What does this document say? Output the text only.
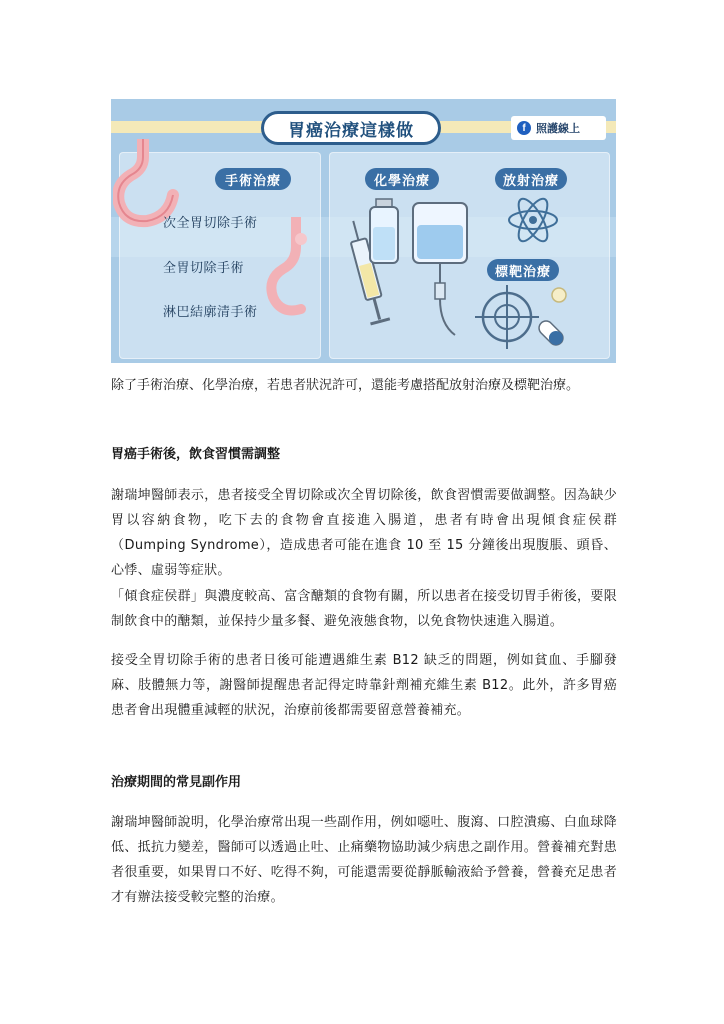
胃癌治療這樣做	f 照護線上
手術治療
次全胃切除手術
全胃切除手術
淋巴結廓清手術
化學治療	放射治療
標靶治療
除了手術治療、化學治療，若患者狀況許可，還能考慮搭配放射治療及標靶治療。
胃癌手術後，飲食習慣需調整
謝瑞坤醫師表示，患者接受全胃切除或次全胃切除後，飲食習慣需要做調整。因為缺少胃以容納食物，吃下去的食物會直接進入腸道，患者有時會出現傾食症侯群（Dumping Syndrome），造成患者可能在進食 10 至 15 分鐘後出現腹脹、頭昏、心悸、虛弱等症狀。
「傾食症侯群」與濃度較高、富含醣類的食物有關，所以患者在接受切胃手術後，要限制飲食中的醣類，並保持少量多餐、避免液態食物，以免食物快速進入腸道。
接受全胃切除手術的患者日後可能遭遇維生素 B12 缺乏的問題，例如貧血、手腳發麻、肢體無力等，謝醫師提醒患者記得定時靠針劑補充維生素 B12。此外，許多胃癌患者會出現體重減輕的狀況，治療前後都需要留意營養補充。
治療期間的常見副作用
謝瑞坤醫師說明，化學治療常出現一些副作用，例如噁吐、腹瀉、口腔潰瘍、白血球降低、抵抗力變差，醫師可以透過止吐、止痛藥物協助減少病患之副作用。營養補充對患者很重要，如果胃口不好、吃得不夠，可能還需要從靜脈輸液給予營養，營養充足患者才有辦法接受較完整的治療。
